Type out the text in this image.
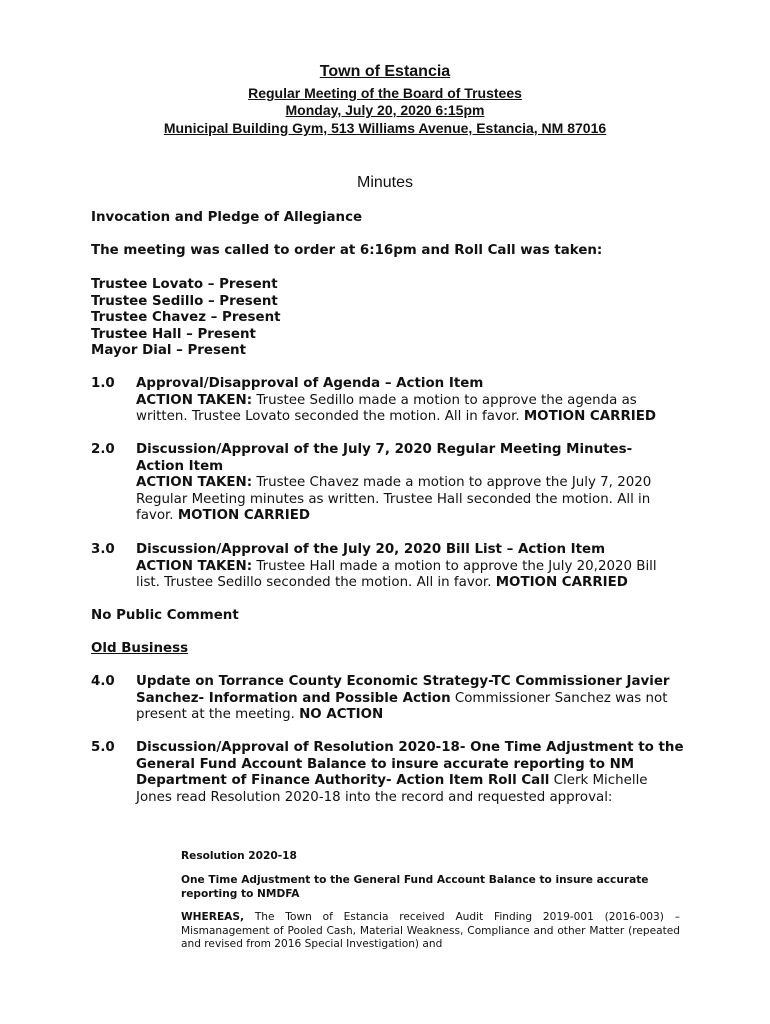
Town of Estancia
Regular Meeting of the Board of Trustees
Monday, July 20, 2020 6:15pm
Municipal Building Gym, 513 Williams Avenue, Estancia, NM 87016
Minutes
Invocation and Pledge of Allegiance
The meeting was called to order at 6:16pm and Roll Call was taken:
Trustee Lovato – Present
Trustee Sedillo – Present
Trustee Chavez – Present
Trustee Hall – Present
Mayor Dial – Present
1.0 Approval/Disapproval of Agenda – Action Item
ACTION TAKEN: Trustee Sedillo made a motion to approve the agenda as written. Trustee Lovato seconded the motion. All in favor. MOTION CARRIED
2.0 Discussion/Approval of the July 7, 2020 Regular Meeting Minutes- Action Item
ACTION TAKEN: Trustee Chavez made a motion to approve the July 7, 2020 Regular Meeting minutes as written. Trustee Hall seconded the motion. All in favor. MOTION CARRIED
3.0 Discussion/Approval of the July 20, 2020 Bill List – Action Item
ACTION TAKEN: Trustee Hall made a motion to approve the July 20,2020 Bill list. Trustee Sedillo seconded the motion. All in favor. MOTION CARRIED
No Public Comment
Old Business
4.0 Update on Torrance County Economic Strategy-TC Commissioner Javier Sanchez- Information and Possible Action Commissioner Sanchez was not present at the meeting. NO ACTION
5.0 Discussion/Approval of Resolution 2020-18- One Time Adjustment to the General Fund Account Balance to insure accurate reporting to NM Department of Finance Authority- Action Item Roll Call Clerk Michelle Jones read Resolution 2020-18 into the record and requested approval:
Resolution 2020-18
One Time Adjustment to the General Fund Account Balance to insure accurate reporting to NMDFA
WHEREAS, The Town of Estancia received Audit Finding 2019-001 (2016-003) – Mismanagement of Pooled Cash, Material Weakness, Compliance and other Matter (repeated and revised from 2016 Special Investigation) and
